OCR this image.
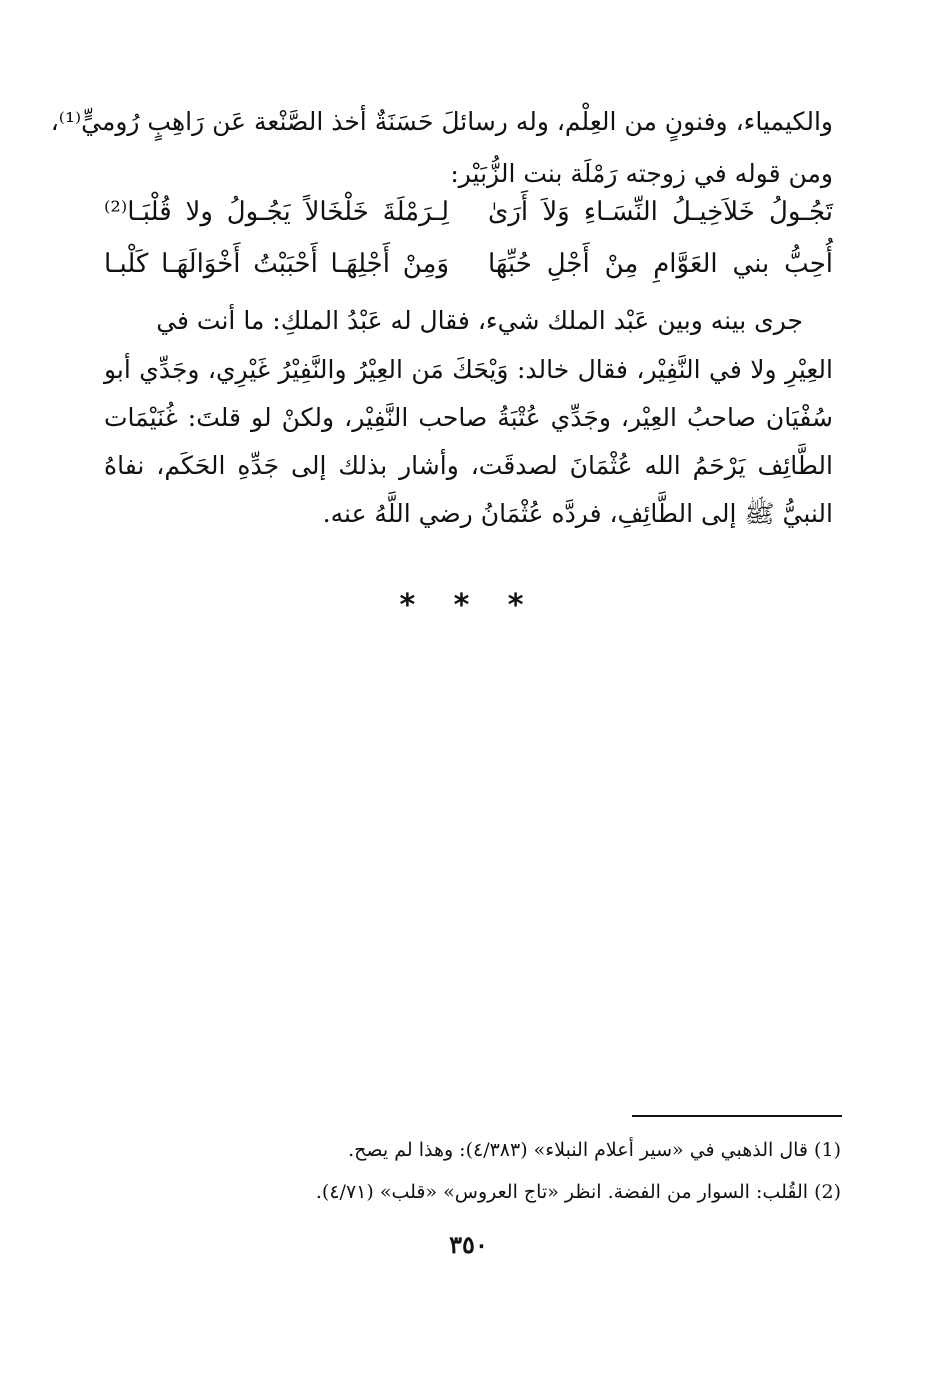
والكيمياء، وفنونٍ من العِلْم، وله رسائلَ حَسَنَةٌ أخذ الصَّنْعة عَن رَاهِبٍ رُوميٍّ⁽¹⁾،
ومن قوله في زوجته رَمْلَة بنت الزُّبَيْر:
تَجُـولُ خَلاَخِيـلُ النِّسَـاءِ وَلاَ أَرَىٰ
لِـرَمْلَةَ خَلْخَالاً يَجُـولُ ولا قُلْبَـا⁽²⁾
أُحِبُّ بني العَوَّامِ مِنْ أَجْلِ حُبِّهَا
وَمِنْ أَجْلِهَـا أَحْبَبْتُ أَخْوَالَهَـا كَلْبـا
جرى بينه وبين عَبْد الملك شيء، فقال له عَبْدُ الملكِ: ما أنت في
العِيْرِ ولا في النَّفِيْر، فقال خالد: وَيْحَكَ مَن العِيْرُ والنَّفِيْرُ غَيْرِي، وجَدِّي أبو
سُفْيَان صاحبُ العِيْر، وجَدِّي عُتْبَةُ صاحب النَّفِيْر، ولكنْ لو قلتَ: غُنَيْمَات
الطَّائِف يَرْحَمُ الله عُثْمَانَ لصدقَت، وأشار بذلك إلى جَدِّهِ الحَكَم، نفاهُ
النبيُّ ﷺ إلى الطَّائِفِ، فردَّه عُثْمَانُ رضي اللَّهُ عنه.
* * *
(1) قال الذهبي في «سير أعلام النبلاء» (٤/٣٨٣): وهذا لم يصح.
(2) القُلب: السوار من الفضة. انظر «تاج العروس» «قلب» (٤/٧١).
٣٥٠
